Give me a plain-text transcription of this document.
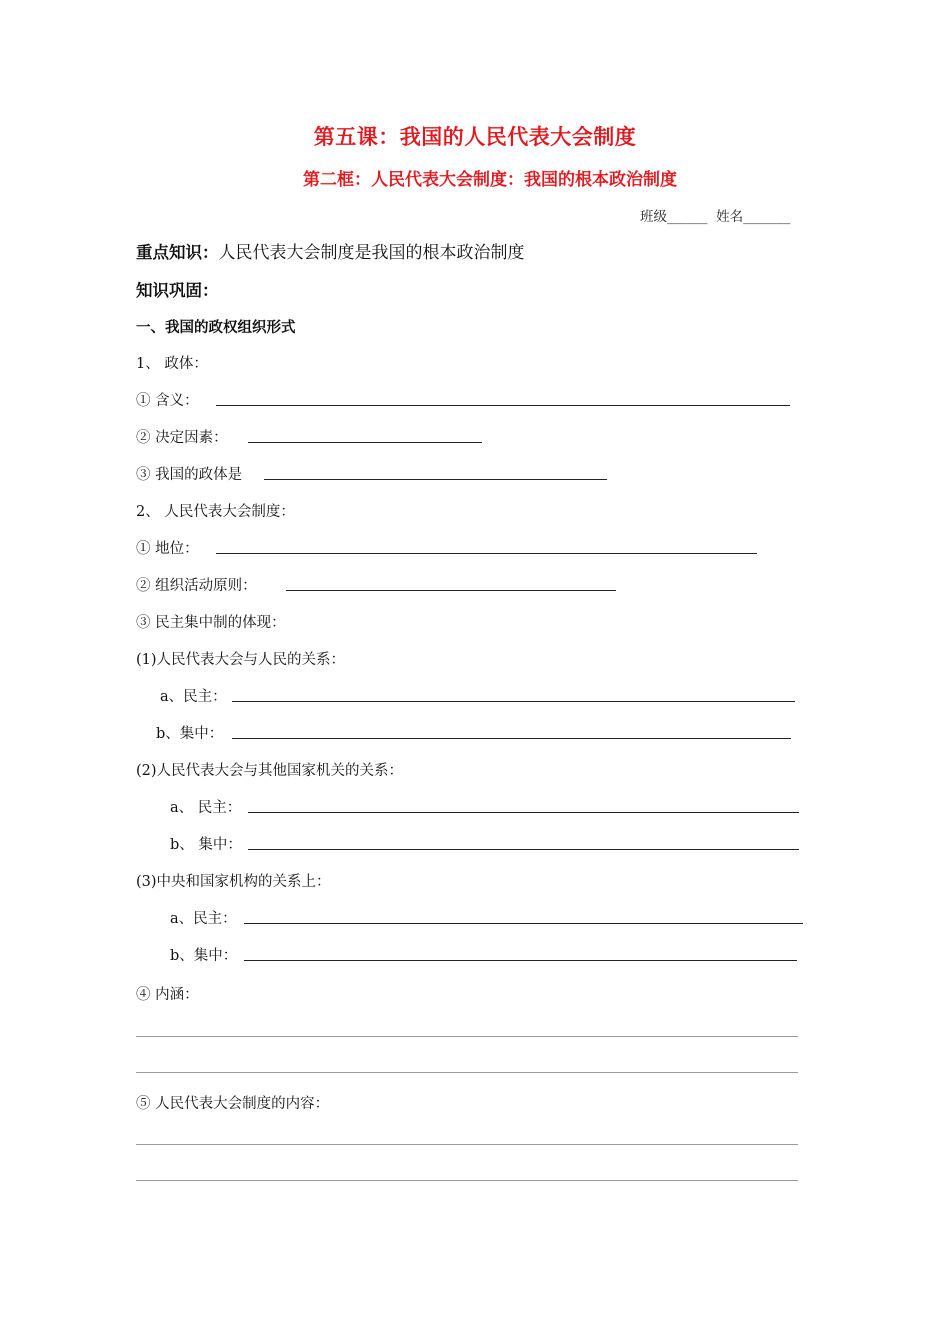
第五课：我国的人民代表大会制度
第二框：人民代表大会制度：我国的根本政治制度
班级______ 姓名_______
重点知识：人民代表大会制度是我国的根本政治制度
知识巩固：
一、我国的政权组织形式
1、 政体：
① 含义：
② 决定因素：
③ 我国的政体是
2、 人民代表大会制度：
① 地位：
② 组织活动原则：
③ 民主集中制的体现：
(1)人民代表大会与人民的关系：
a、民主：
b、集中：
(2)人民代表大会与其他国家机关的关系：
a、 民主：
b、 集中：
(3)中央和国家机构的关系上：
a、民主：
b、集中：
④ 内涵：
⑤ 人民代表大会制度的内容：
